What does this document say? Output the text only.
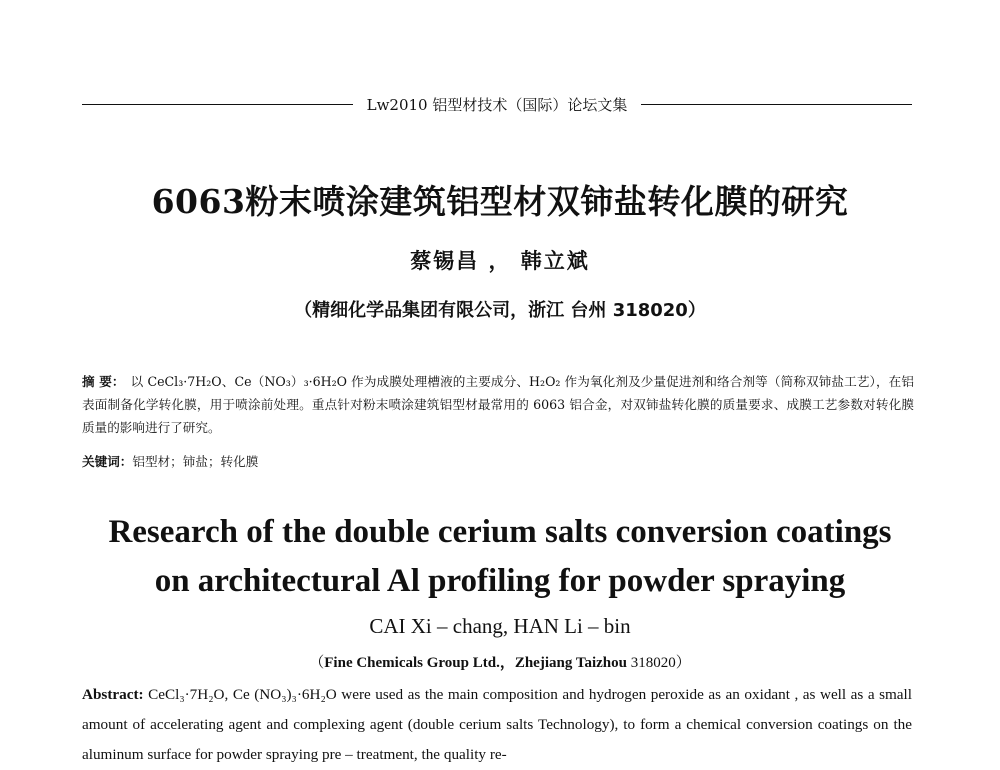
Lw2010 铝型材技术（国际）论坛文集
6063粉末喷涂建筑铝型材双铈盐转化膜的研究
蔡锡昌 ， 韩立斌
（精细化学品集团有限公司，浙江 台州 318020）
摘 要： 以 CeCl₃·7H₂O、Ce（NO₃）₃·6H₂O 作为成膜处理槽液的主要成分、H₂O₂ 作为氧化剂及少量促进剂和络合剂等（简称双铈盐工艺），在铝表面制备化学转化膜，用于喷涂前处理。重点针对粉末喷涂建筑铝型材最常用的 6063 铝合金，对双铈盐转化膜的质量要求、成膜工艺参数对转化膜质量的影响进行了研究。
关键词：铝型材；铈盐；转化膜
Research of the double cerium salts conversion coatings
on architectural Al profiling for powder spraying
CAI Xi – chang, HAN Li – bin
（Fine Chemicals Group Ltd.，Zhejiang Taizhou 318020）
Abstract: CeCl₃·7H₂O, Ce (NO₃)₃·6H₂O were used as the main composition and hydrogen peroxide as an oxidant , as well as a small amount of accelerating agent and complexing agent (double cerium salts Technology), to form a chemical conversion coatings on the aluminum surface for powder spraying pre – treatment, the quality re-
